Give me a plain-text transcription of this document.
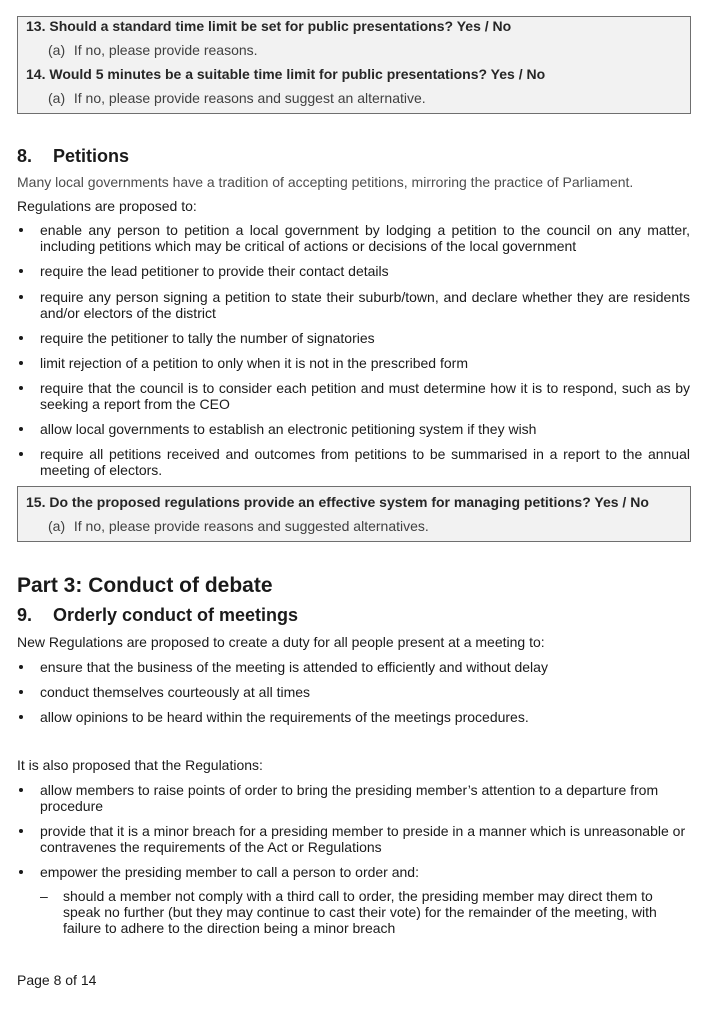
13. Should a standard time limit be set for public presentations? Yes / No
(a) If no, please provide reasons.
14. Would 5 minutes be a suitable time limit for public presentations? Yes / No
(a) If no, please provide reasons and suggest an alternative.
8. Petitions

Many local governments have a tradition of accepting petitions, mirroring the practice of Parliament.

Regulations are proposed to:

enable any person to petition a local government by lodging a petition to the council on any matter, including petitions which may be critical of actions or decisions of the local government
require the lead petitioner to provide their contact details
require any person signing a petition to state their suburb/town, and declare whether they are residents and/or electors of the district
require the petitioner to tally the number of signatories
limit rejection of a petition to only when it is not in the prescribed form
require that the council is to consider each petition and must determine how it is to respond, such as by seeking a report from the CEO
allow local governments to establish an electronic petitioning system if they wish
require all petitions received and outcomes from petitions to be summarised in a report to the annual meeting of electors.
15. Do the proposed regulations provide an effective system for managing petitions? Yes / No
(a) If no, please provide reasons and suggested alternatives.
Part 3: Conduct of debate
9. Orderly conduct of meetings

New Regulations are proposed to create a duty for all people present at a meeting to:

ensure that the business of the meeting is attended to efficiently and without delay
conduct themselves courteously at all times
allow opinions to be heard within the requirements of the meetings procedures.

It is also proposed that the Regulations:

allow members to raise points of order to bring the presiding member’s attention to a departure from procedure
provide that it is a minor breach for a presiding member to preside in a manner which is unreasonable or contravenes the requirements of the Act or Regulations
empower the presiding member to call a person to order and:
– should a member not comply with a third call to order, the presiding member may direct them to speak no further (but they may continue to cast their vote) for the remainder of the meeting, with failure to adhere to the direction being a minor breach
Page 8 of 14
